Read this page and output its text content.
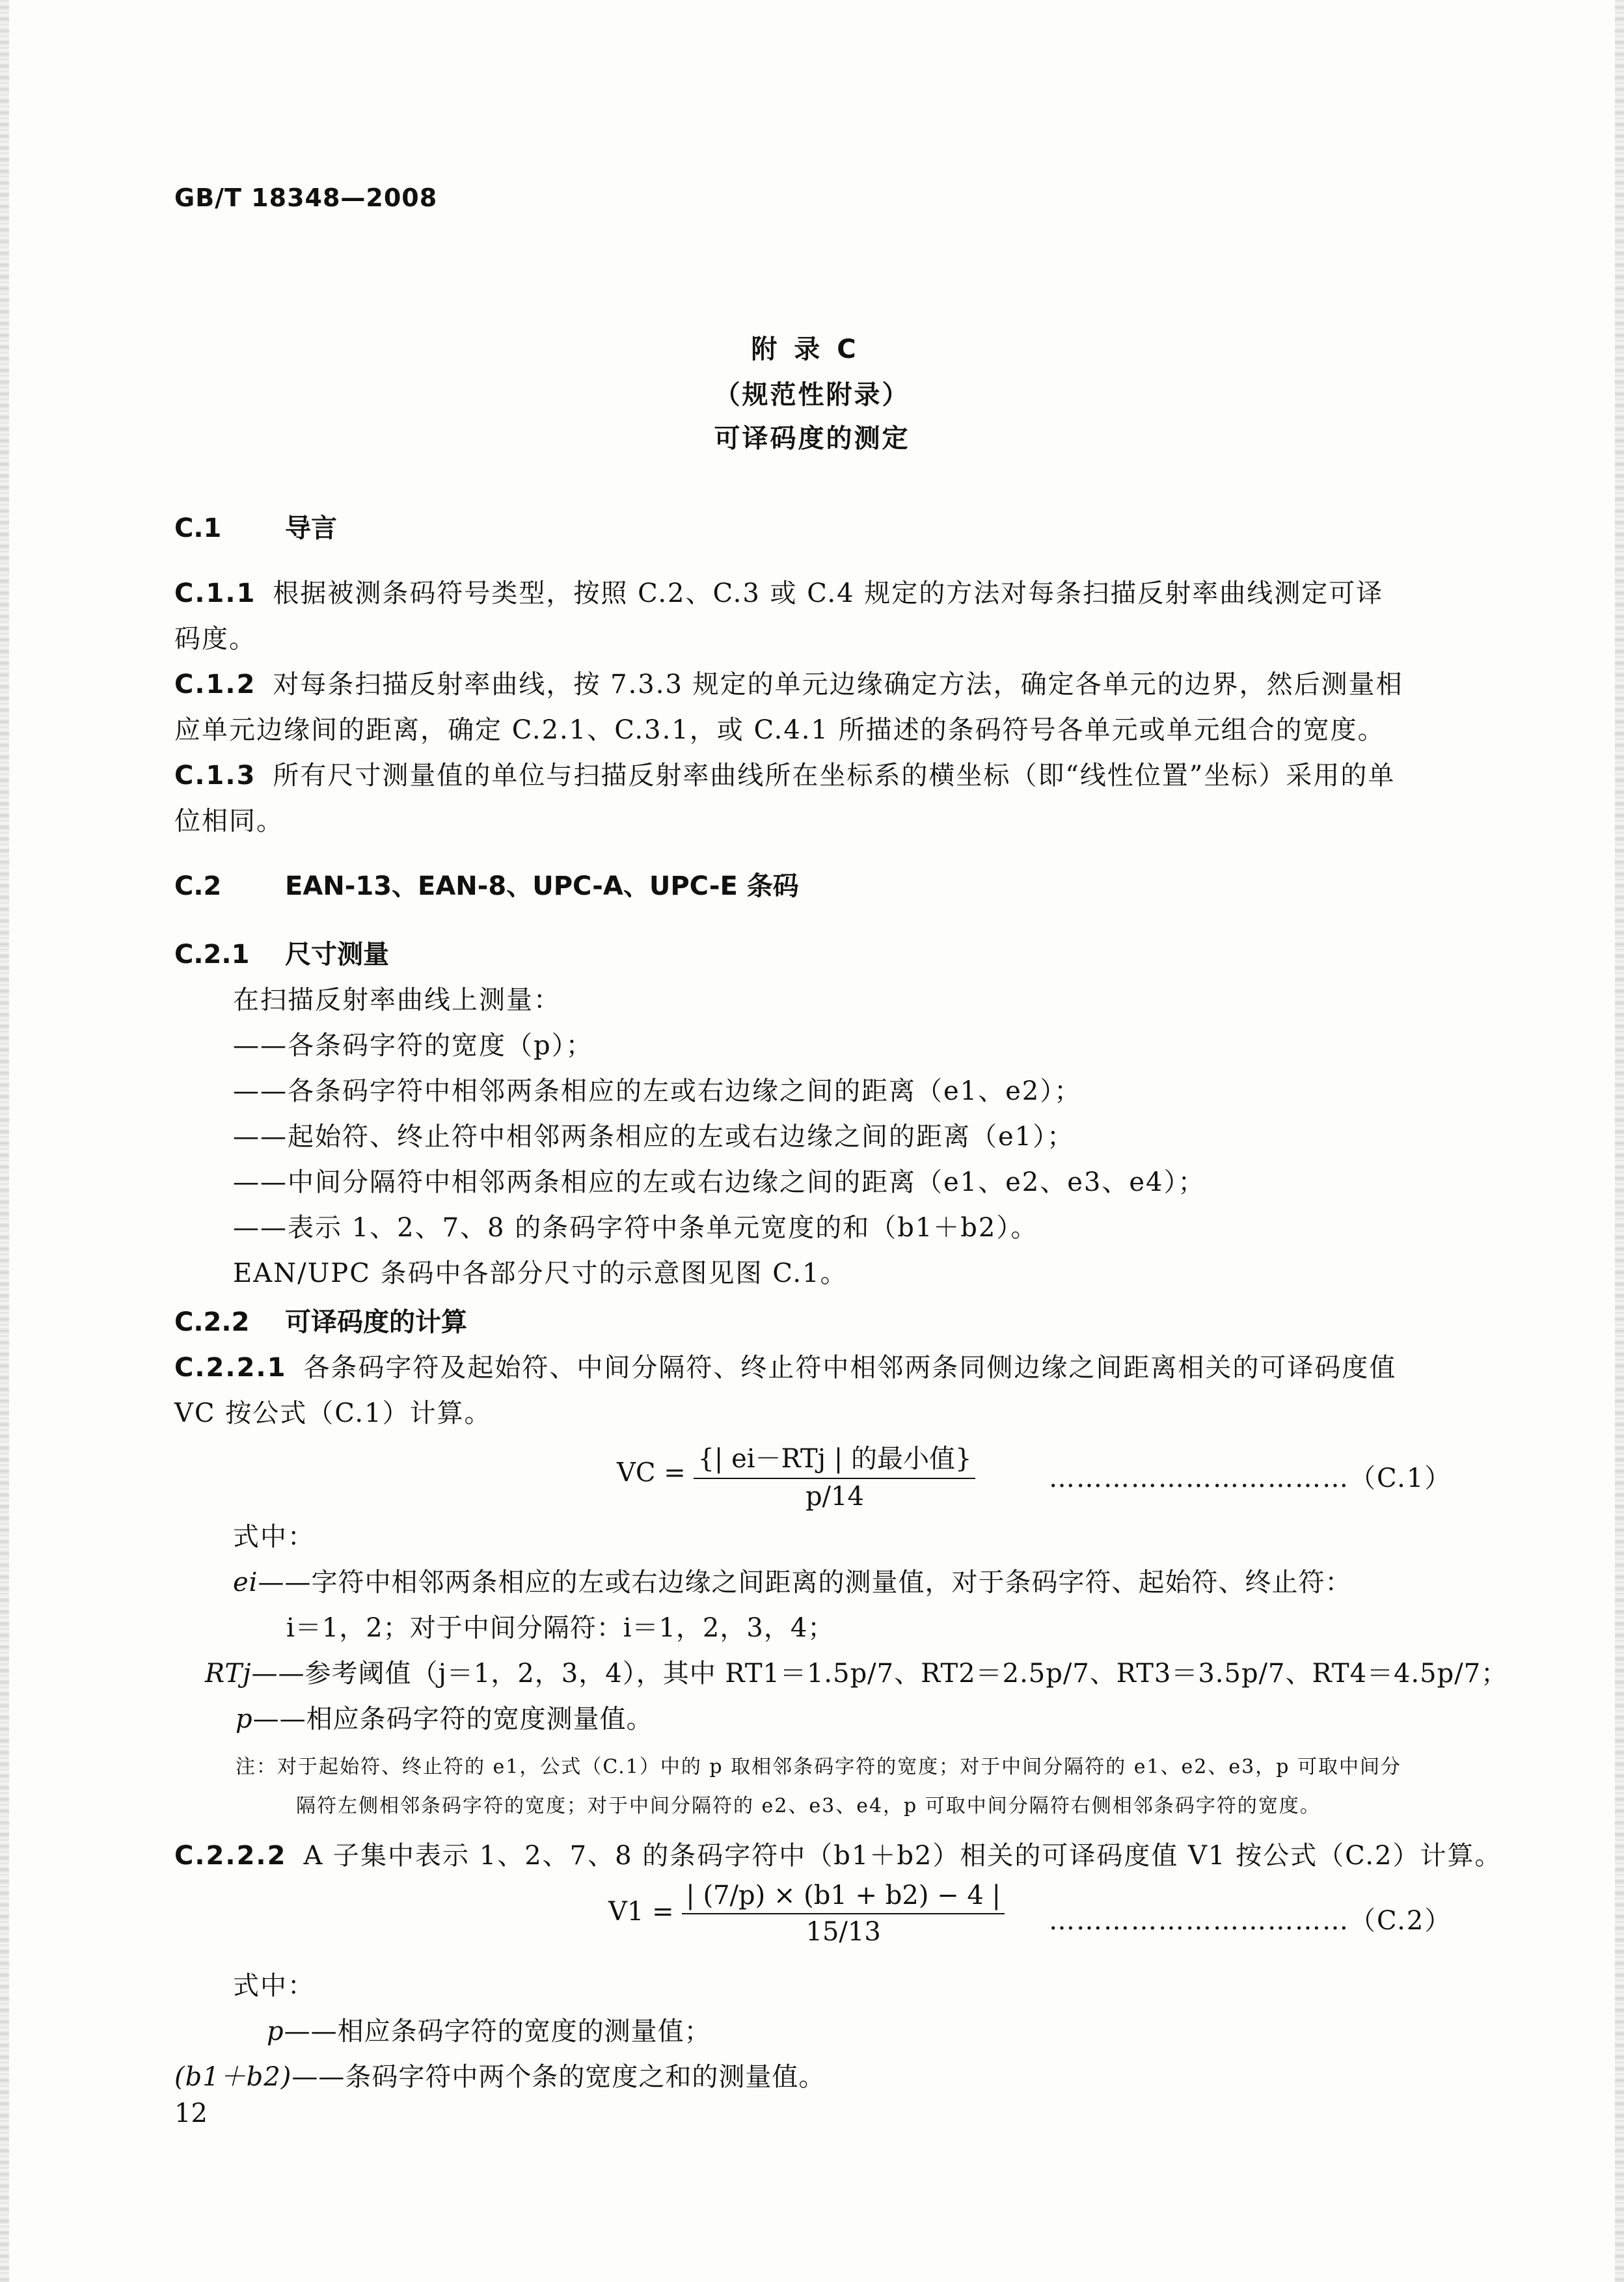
GB/T 18348—2008
附录C
（规范性附录）
可译码度的测定
C.1 导言
C.1.1 根据被测条码符号类型，按照 C.2、C.3 或 C.4 规定的方法对每条扫描反射率曲线测定可译
码度。
C.1.2 对每条扫描反射率曲线，按 7.3.3 规定的单元边缘确定方法，确定各单元的边界，然后测量相
应单元边缘间的距离，确定 C.2.1、C.3.1，或 C.4.1 所描述的条码符号各单元或单元组合的宽度。
C.1.3 所有尺寸测量值的单位与扫描反射率曲线所在坐标系的横坐标（即“线性位置”坐标）采用的单
位相同。
C.2 EAN-13、EAN-8、UPC-A、UPC-E 条码
C.2.1 尺寸测量
在扫描反射率曲线上测量：
——各条码字符的宽度（p）；
——各条码字符中相邻两条相应的左或右边缘之间的距离（e1、e2）；
——起始符、终止符中相邻两条相应的左或右边缘之间的距离（e1）；
——中间分隔符中相邻两条相应的左或右边缘之间的距离（e1、e2、e3、e4）；
——表示 1、2、7、8 的条码字符中条单元宽度的和（b1＋b2）。
EAN/UPC 条码中各部分尺寸的示意图见图 C.1。
C.2.2 可译码度的计算
C.2.2.1 各条码字符及起始符、中间分隔符、终止符中相邻两条同侧边缘之间距离相关的可译码度值
VC 按公式（C.1）计算。
VC = $\frac{\text{\{| ei－RTj | 的最小值\}}}{p/14}$	……………………………（C.1）
式中：
ei——字符中相邻两条相应的左或右边缘之间距离的测量值，对于条码字符、起始符、终止符：
i＝1，2；对于中间分隔符：i＝1，2，3，4；
RTj——参考阈值（j＝1，2，3，4），其中 RT1＝1.5p/7、RT2＝2.5p/7、RT3＝3.5p/7、RT4＝4.5p/7；
p——相应条码字符的宽度测量值。
注：对于起始符、终止符的 e1，公式（C.1）中的 p 取相邻条码字符的宽度；对于中间分隔符的 e1、e2、e3，p 可取中间分
隔符左侧相邻条码字符的宽度；对于中间分隔符的 e2、e3、e4，p 可取中间分隔符右侧相邻条码字符的宽度。
C.2.2.2 A 子集中表示 1、2、7、8 的条码字符中（b1＋b2）相关的可译码度值 V1 按公式（C.2）计算。
$V1 = \frac{| (7/p) \times (b1 + b2) - 4 |}{15/13}$ ……………………………（C.2）
式中：
p——相应条码字符的宽度的测量值；
(b1＋b2)——条码字符中两个条的宽度之和的测量值。
12
